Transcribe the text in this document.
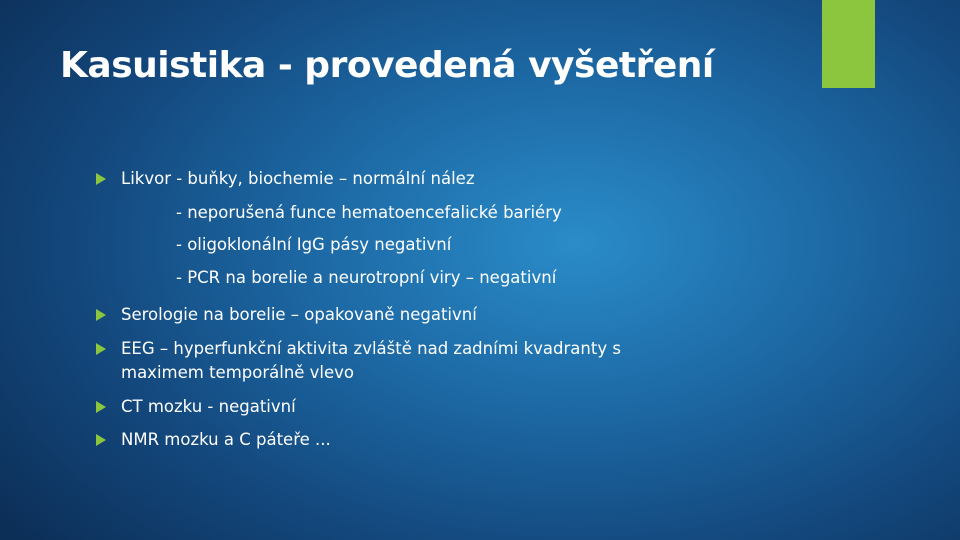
Kasuistika - provedená vyšetření
Likvor - buňky, biochemie – normální nález
- neporušená funce hematoencefalické bariéry
- oligoklonální IgG pásy negativní
- PCR na borelie a neurotropní viry – negativní
Serologie na borelie – opakovaně negativní
EEG – hyperfunkční aktivita zvláště nad zadními kvadranty s
maximem temporálně vlevo
CT mozku - negativní
NMR mozku a C páteře ...
